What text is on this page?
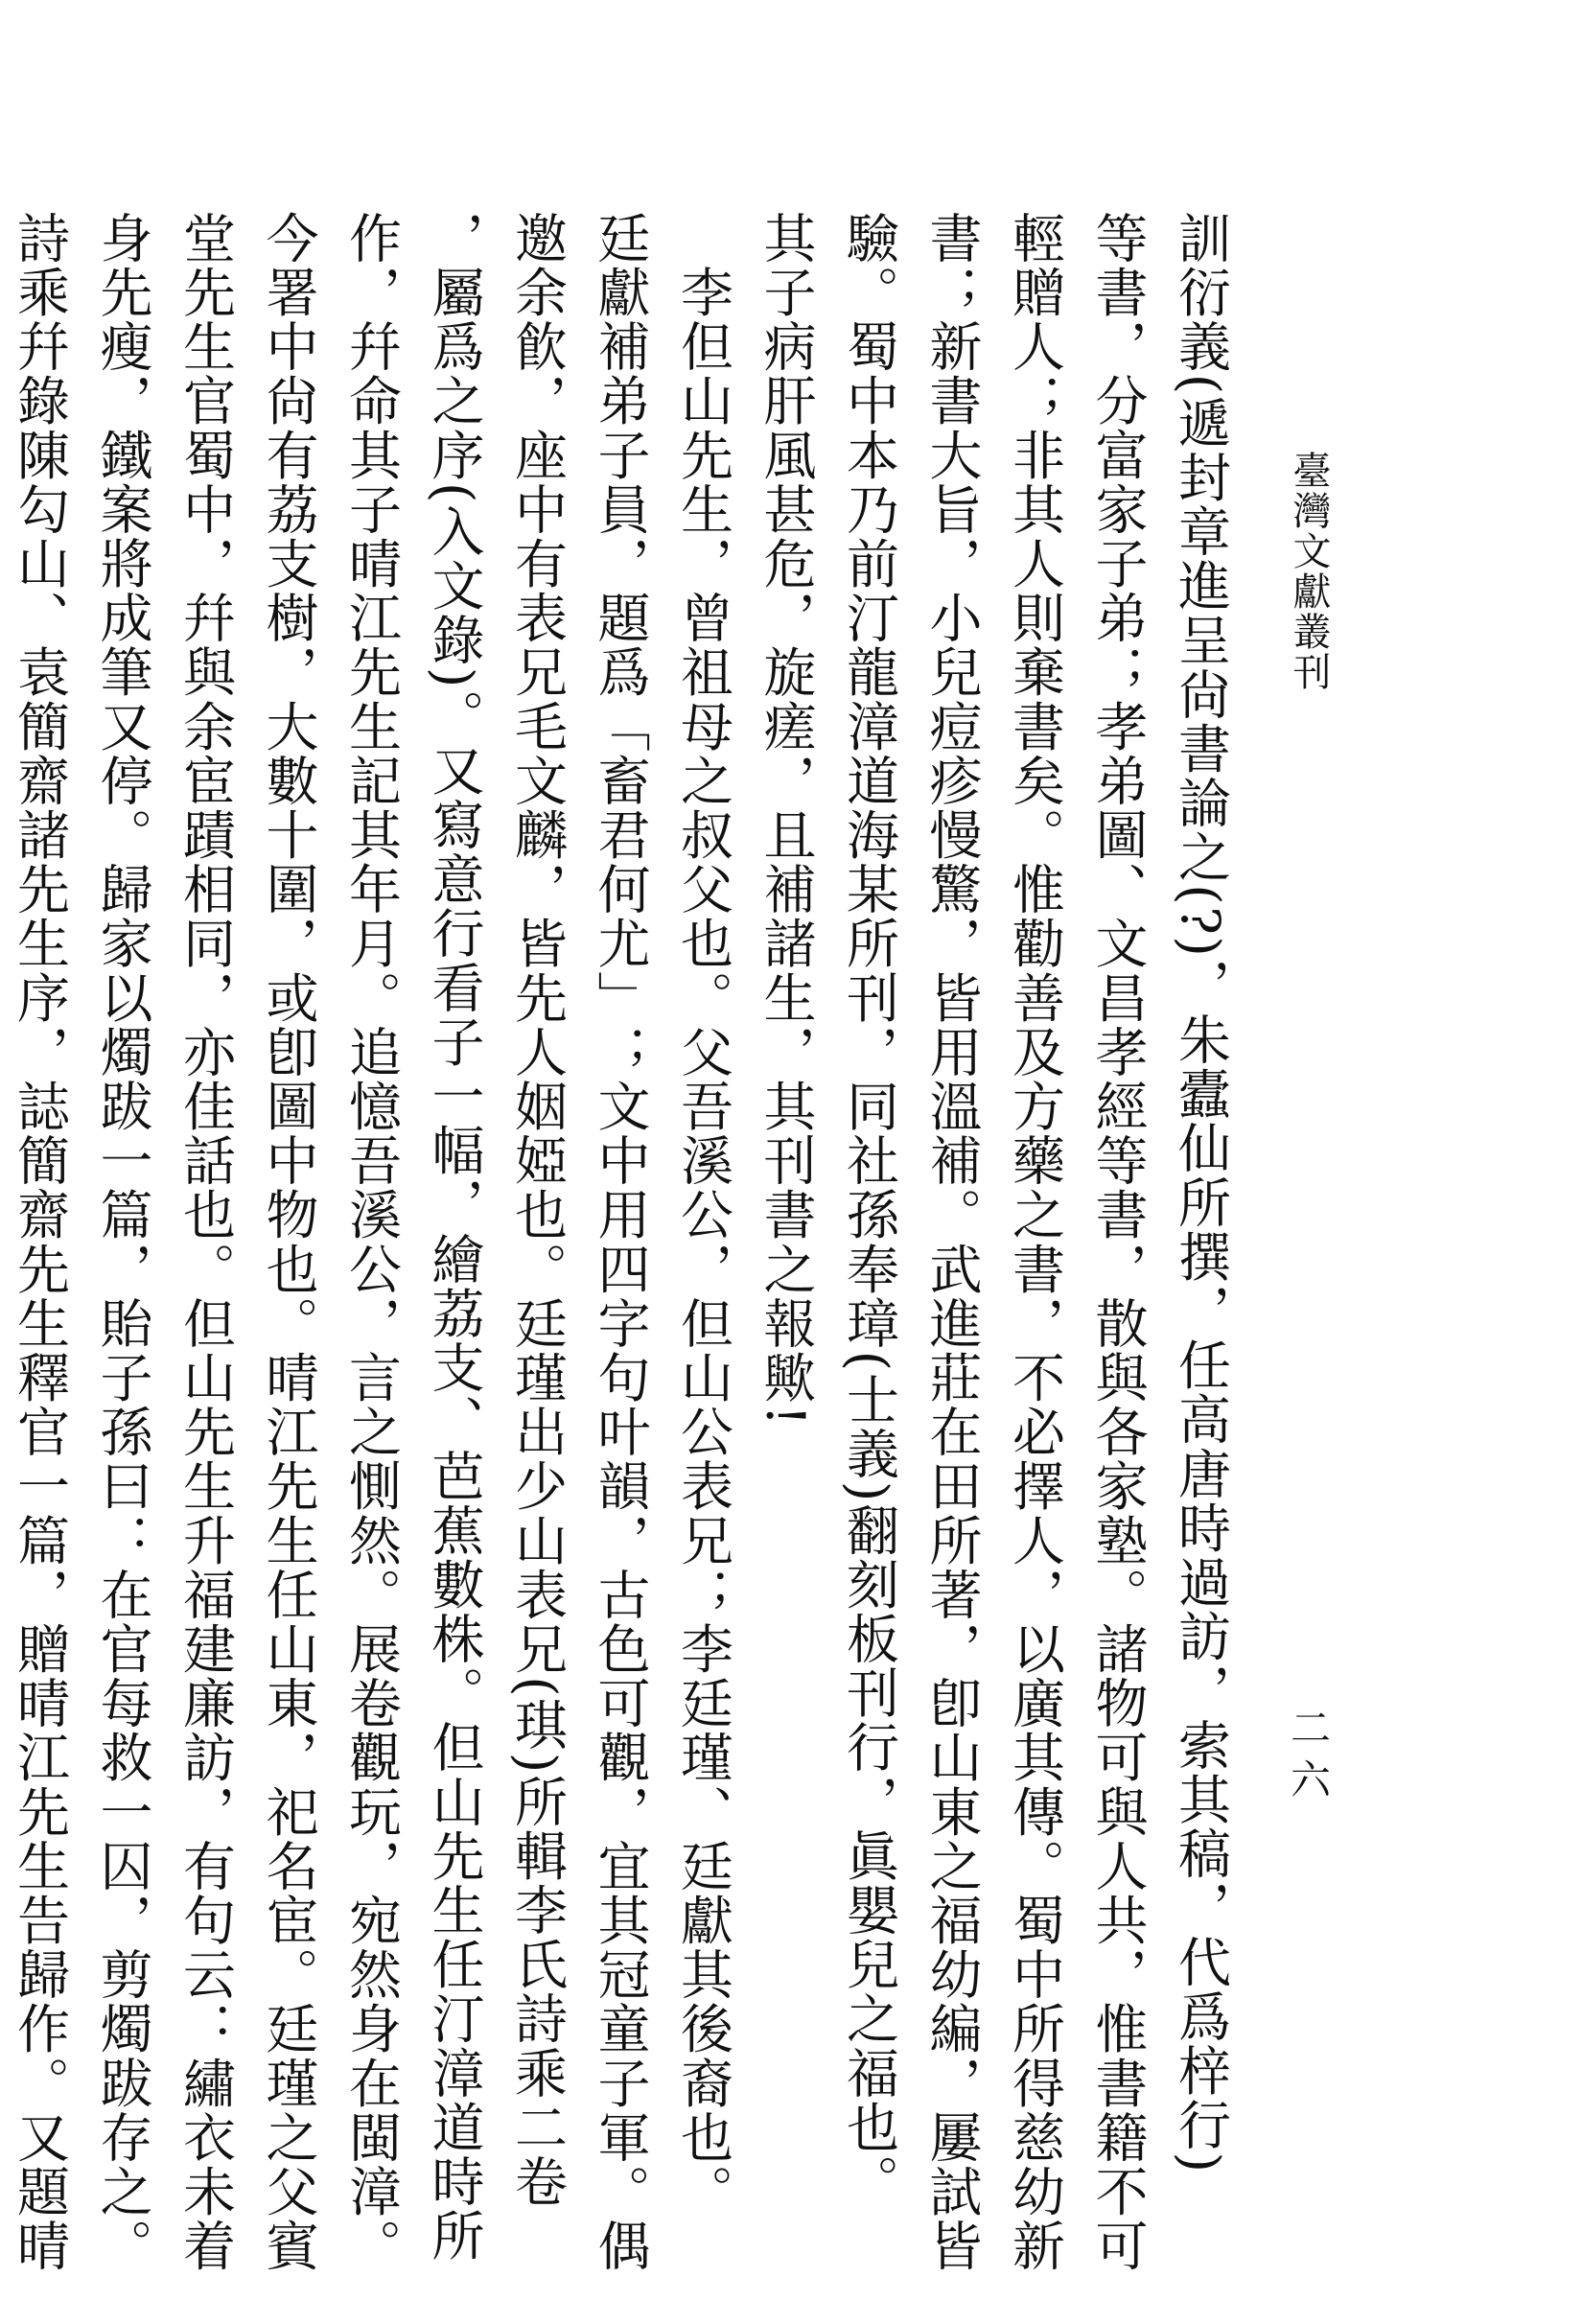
臺灣文獻叢刊
二六
訓衍義(遞封章進呈尙書論之(?)，朱蠹仙所撰，任高唐時過訪，索其稿，代爲梓行)
等書，分富家子弟；孝弟圖、文昌孝經等書，散與各家塾。諸物可與人共，惟書籍不可
輕贈人；非其人則棄書矣。惟勸善及方藥之書，不必擇人，以廣其傳。蜀中所得慈幼新
書；新書大旨，小兒痘疹慢驚，皆用溫補。武進莊在田所著，卽山東之福幼編，屢試皆
驗。蜀中本乃前汀龍漳道海某所刊，同社孫奉璋(士義)翻刻板刊行，眞嬰兒之福也。
其子病肝風甚危，旋瘥，且補諸生，其刊書之報歟!
　李但山先生，曾祖母之叔父也。父吾溪公，但山公表兄；李廷瑾、廷獻其後裔也。
廷獻補弟子員，題爲「畜君何尤」；文中用四字句叶韻，古色可觀，宜其冠童子軍。偶
邀余飮，座中有表兄毛文麟，皆先人姻婭也。廷瑾出少山表兄(琪)所輯李氏詩乘二卷
，屬爲之序(入文錄)。又寫意行看子一幅，繪荔支、芭蕉數株。但山先生任汀漳道時所
作，幷命其子晴江先生記其年月。追憶吾溪公，言之惻然。展卷觀玩，宛然身在閩漳。
今署中尙有荔支樹，大數十圍，或卽圖中物也。晴江先生任山東，祀名宦。廷瑾之父賓
堂先生官蜀中，幷與余宦蹟相同，亦佳話也。但山先生升福建廉訪，有句云：繡衣未着
身先瘦，鐵案將成筆又停。歸家以燭跋一篇，貽子孫曰：在官每救一囚，剪燭跋存之。
詩乘幷錄陳勾山、袁簡齋諸先生序，誌簡齋先生釋官一篇，贈晴江先生告歸作。又題晴
